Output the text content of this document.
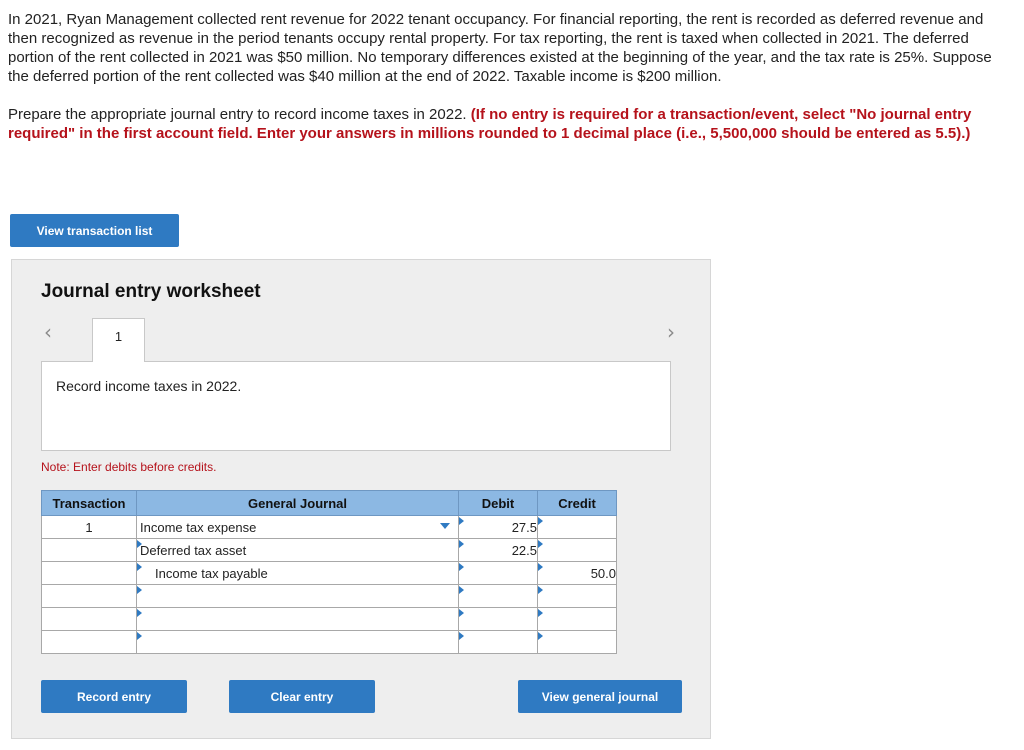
In 2021, Ryan Management collected rent revenue for 2022 tenant occupancy. For financial reporting, the rent is recorded as deferred revenue and then recognized as revenue in the period tenants occupy rental property. For tax reporting, the rent is taxed when collected in 2021. The deferred portion of the rent collected in 2021 was $50 million. No temporary differences existed at the beginning of the year, and the tax rate is 25%. Suppose the deferred portion of the rent collected was $40 million at the end of 2022. Taxable income is $200 million.

Prepare the appropriate journal entry to record income taxes in 2022. (If no entry is required for a transaction/event, select "No journal entry required" in the first account field. Enter your answers in millions rounded to 1 decimal place (i.e., 5,500,000 should be entered as 5.5).)

View transaction list
Journal entry worksheet
‹	›
1
Record income taxes in 2022.
Note: Enter debits before credits.
Transaction	General Journal	Debit	Credit
1	Income tax expense	27.5	

Deferred tax asset	22.5	

Income tax payable		50.0

Record entry	Clear entry	View general journal
